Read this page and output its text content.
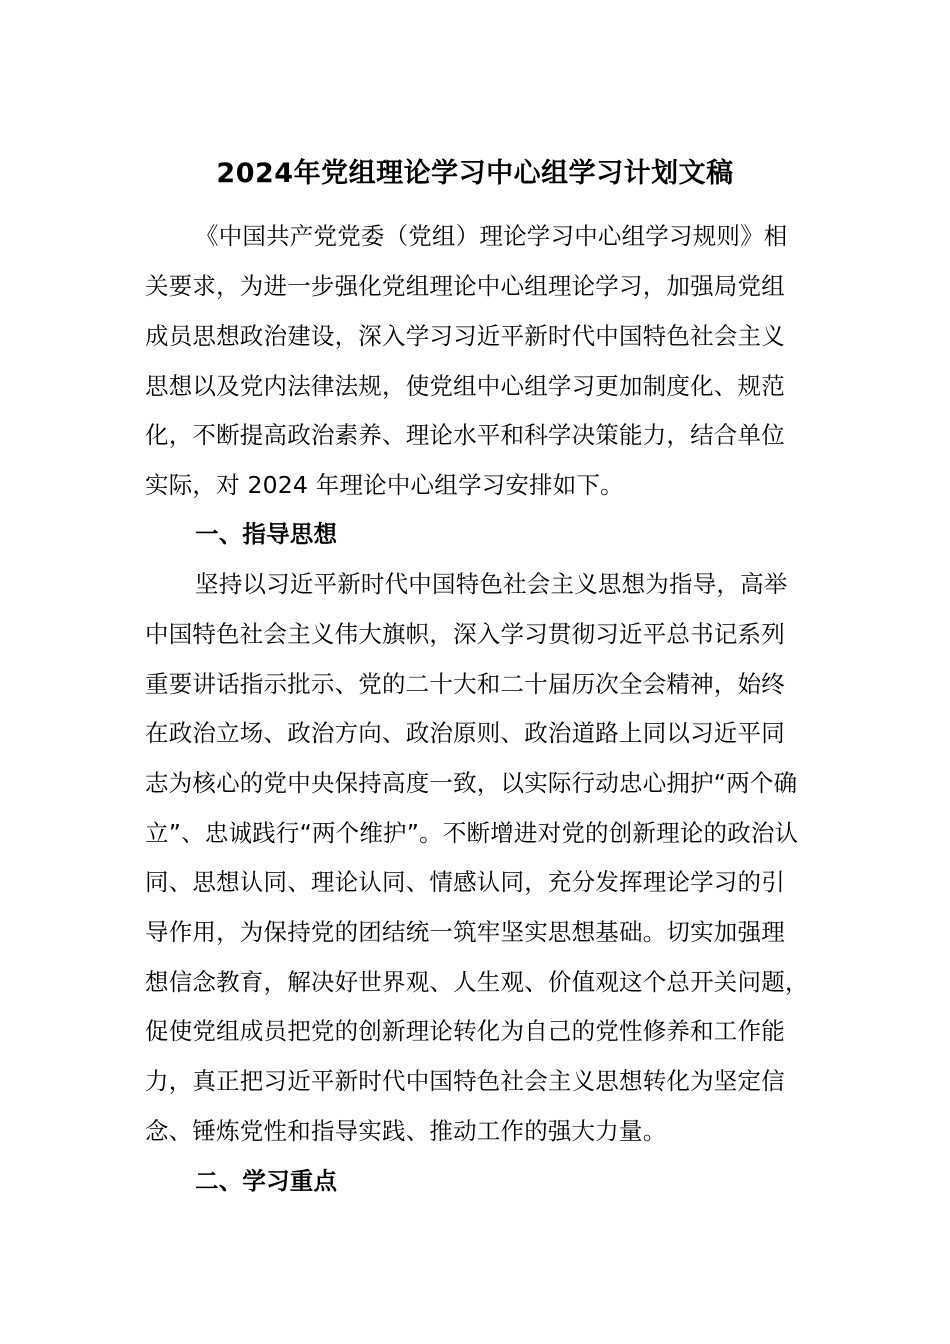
2024年党组理论学习中心组学习计划文稿
《中国共产党党委（党组）理论学习中心组学习规则》相
关要求，为进一步强化党组理论中心组理论学习，加强局党组
成员思想政治建设，深入学习习近平新时代中国特色社会主义
思想以及党内法律法规，使党组中心组学习更加制度化、规范
化，不断提高政治素养、理论水平和科学决策能力，结合单位
实际，对 2024 年理论中心组学习安排如下。
一、指导思想
坚持以习近平新时代中国特色社会主义思想为指导，高举
中国特色社会主义伟大旗帜，深入学习贯彻习近平总书记系列
重要讲话指示批示、党的二十大和二十届历次全会精神，始终
在政治立场、政治方向、政治原则、政治道路上同以习近平同
志为核心的党中央保持高度一致，以实际行动忠心拥护“两个确
立”、忠诚践行“两个维护”。不断增进对党的创新理论的政治认
同、思想认同、理论认同、情感认同，充分发挥理论学习的引
导作用，为保持党的团结统一筑牢坚实思想基础。切实加强理
想信念教育，解决好世界观、人生观、价值观这个总开关问题，
促使党组成员把党的创新理论转化为自己的党性修养和工作能
力，真正把习近平新时代中国特色社会主义思想转化为坚定信
念、锤炼党性和指导实践、推动工作的强大力量。
二、学习重点
